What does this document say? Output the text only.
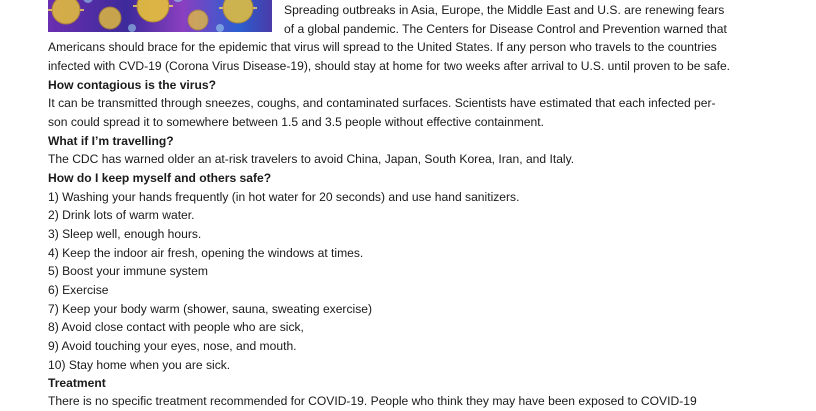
Spreading outbreaks in Asia, Europe, the Middle East and U.S. are renewing fears
of a global pandemic. The Centers for Disease Control and Prevention warned that
Americans should brace for the epidemic that virus will spread to the United States. If any person who travels to the countries
infected with CVD-19 (Corona Virus Disease-19), should stay at home for two weeks after arrival to U.S. until proven to be safe.
How contagious is the virus?
It can be transmitted through sneezes, coughs, and contaminated surfaces. Scientists have estimated that each infected per-
son could spread it to somewhere between 1.5 and 3.5 people without effective containment.
What if I’m travelling?
The CDC has warned older an at-risk travelers to avoid China, Japan, South Korea, Iran, and Italy.
How do I keep myself and others safe?
1) Washing your hands frequently (in hot water for 20 seconds) and use hand sanitizers.
2) Drink lots of warm water.
3) Sleep well, enough hours.
4) Keep the indoor air fresh, opening the windows at times.
5) Boost your immune system
6) Exercise
7) Keep your body warm (shower, sauna, sweating exercise)
8) Avoid close contact with people who are sick,
9) Avoid touching your eyes, nose, and mouth.
10) Stay home when you are sick.
Treatment
There is no specific treatment recommended for COVID-19. People who think they may have been exposed to COVID-19
